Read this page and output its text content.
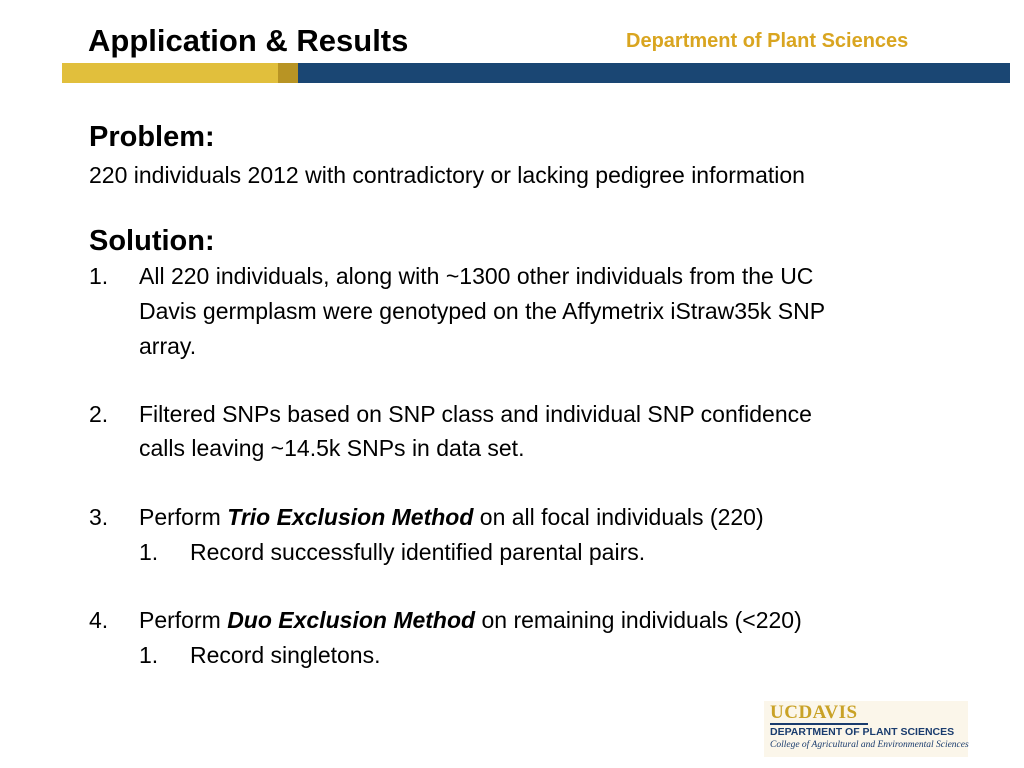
Application & Results	Department of Plant Sciences
Problem:
220 individuals 2012 with contradictory or lacking pedigree information
Solution:
1. All 220 individuals, along with ~1300 other individuals from the UC
Davis germplasm were genotyped on the Affymetrix iStraw35k SNP
array.
2. Filtered SNPs based on SNP class and individual SNP confidence
calls leaving ~14.5k SNPs in data set.
3. Perform Trio Exclusion Method on all focal individuals (220)
1. Record successfully identified parental pairs.
4. Perform Duo Exclusion Method on remaining individuals (<220)
1. Record singletons.
UCDAVIS
DEPARTMENT OF PLANT SCIENCES
College of Agricultural and Environmental Sciences
